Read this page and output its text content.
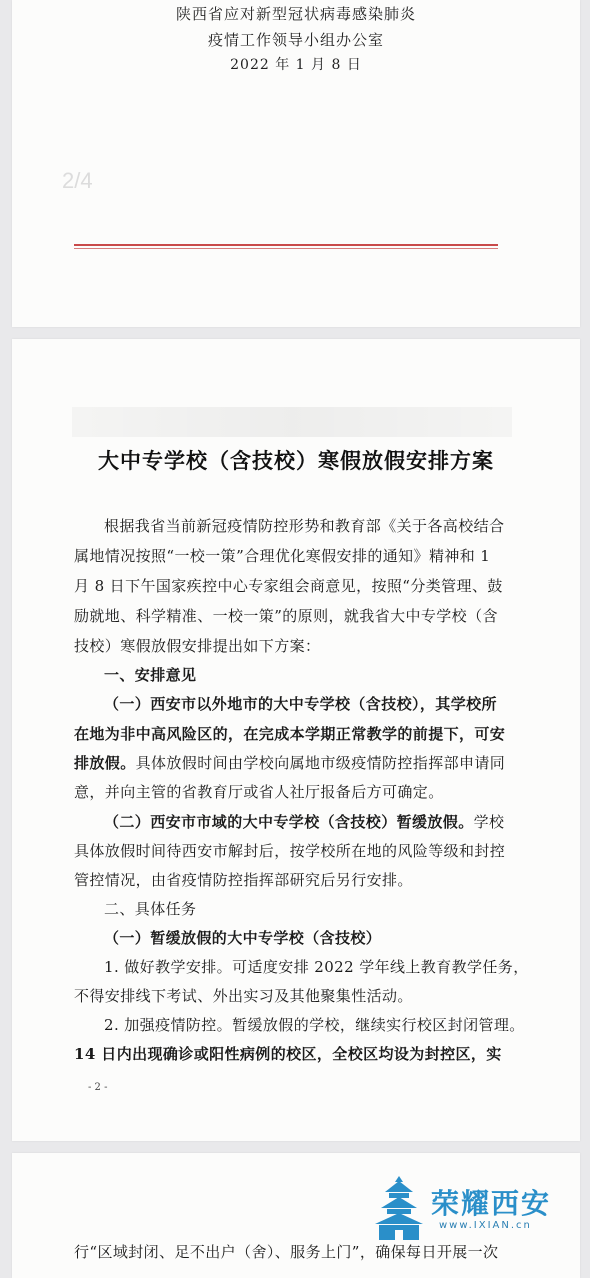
陕西省应对新型冠状病毒感染肺炎
疫情工作领导小组办公室
2022 年 1 月 8 日
2/4
大中专学校（含技校）寒假放假安排方案
根据我省当前新冠疫情防控形势和教育部《关于各高校结合
属地情况按照“一校一策”合理优化寒假安排的通知》精神和 1
月 8 日下午国家疾控中心专家组会商意见，按照“分类管理、鼓
励就地、科学精准、一校一策”的原则，就我省大中专学校（含
技校）寒假放假安排提出如下方案：
一、安排意见
（一）西安市以外地市的大中专学校（含技校），其学校所
在地为非中高风险区的，在完成本学期正常教学的前提下，可安
排放假。具体放假时间由学校向属地市级疫情防控指挥部申请同
意，并向主管的省教育厅或省人社厅报备后方可确定。
（二）西安市市域的大中专学校（含技校）暂缓放假。学校
具体放假时间待西安市解封后，按学校所在地的风险等级和封控
管控情况，由省疫情防控指挥部研究后另行安排。
二、具体任务
（一）暂缓放假的大中专学校（含技校）
1. 做好教学安排。可适度安排 2022 学年线上教育教学任务，
不得安排线下考试、外出实习及其他聚集性活动。
2. 加强疫情防控。暂缓放假的学校，继续实行校区封闭管理。
14 日内出现确诊或阳性病例的校区，全校区均设为封控区，实
- 2 -
行“区域封闭、足不出户（舍）、服务上门”，确保每日开展一次
荣耀西安
www.IXIAN.cn
